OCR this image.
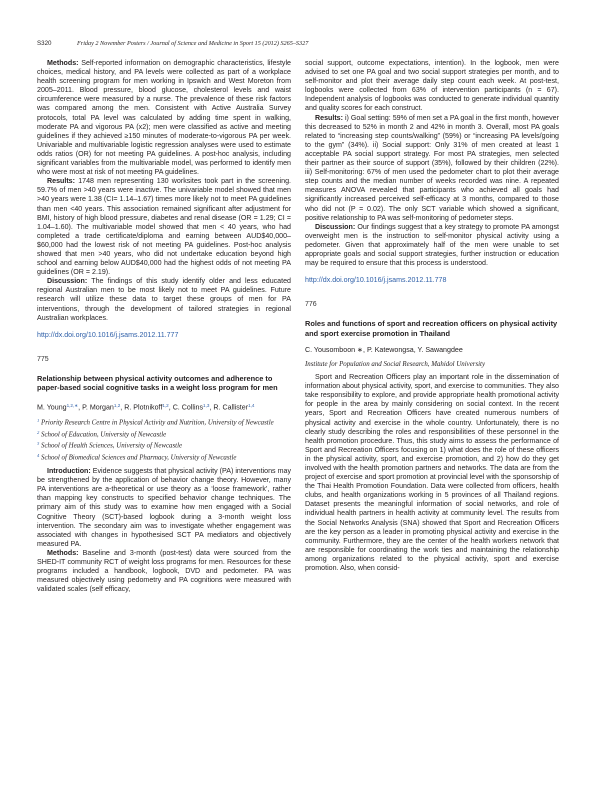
S320	Friday 2 November Posters / Journal of Science and Medicine in Sport 15 (2012) S265–S327

Methods: Self-reported information on demographic characteristics, lifestyle choices, medical history, and PA levels were collected as part of a workplace health screening program for men working in Ipswich and West Moreton from 2005–2011. Blood pressure, blood glucose, cholesterol levels and waist circumference were measured by a nurse. The prevalence of these risk factors was compared among the men. Consistent with Active Australia Survey protocols, total PA level was calculated by adding time spent in walking, moderate PA and vigorous PA (x2); men were classified as active and meeting guidelines if they achieved ≥150 minutes of moderate-to-vigorous PA per week. Univariable and multivariable logistic regression analyses were used to estimate odds ratios (OR) for not meeting PA guidelines. A post-hoc analysis, including significant variables from the multivariable model, was performed to identify men who were most at risk of not meeting PA guidelines.

Results: 1748 men representing 130 worksites took part in the screening. 59.7% of men >40 years were inactive. The univariable model showed that men >40 years were 1.38 (CI= 1.14–1.67) times more likely not to meet PA guidelines than men <40 years. This association remained significant after adjustment for BMI, history of high blood pressure, diabetes and renal disease (OR = 1.29; CI = 1.04–1.60). The multivariable model showed that men < 40 years, who had completed a trade certificate/diploma and earning between AUD$40,000–$60,000 had the lowest risk of not meeting PA guidelines. Post-hoc analysis showed that men >40 years, who did not undertake education beyond high school and earning below AUD$40,000 had the highest odds of not meeting PA guidelines (OR = 2.19).

Discussion: The findings of this study identify older and less educated regional Australian men to be most likely not to meet PA guidelines. Future research will utilize these data to target these groups of men for PA interventions, through the development of tailored strategies in regional Australian workplaces.

http://dx.doi.org/10.1016/j.jsams.2012.11.777
775
Relationship between physical activity outcomes and adherence to paper-based social cognitive tasks in a weight loss program for men
M. Young$^{1,2,∗}$, P. Morgan$^{1,2}$, R. Plotnikoff$^{1,2}$, C. Collins$^{1,3}$, R. Callister$^{1,4}$
$^1$ Priority Research Centre in Physical Activity and Nutrition, University of Newcastle
$^2$ School of Education, University of Newcastle
$^3$ School of Health Sciences, University of Newcastle
$^4$ School of Biomedical Sciences and Pharmacy, University of Newcastle

Introduction: Evidence suggests that physical activity (PA) interventions may be strengthened by the application of behavior change theory. However, many PA interventions are a-theoretical or use theory as a ‘loose framework’, rather than mapping key constructs to specified behavior change techniques. The primary aim of this study was to examine how men engaged with a Social Cognitive Theory (SCT)-based logbook during a 3-month weight loss intervention. The secondary aim was to investigate whether engagement was associated with changes in hypothesised SCT PA mediators and objectively measured PA.

Methods: Baseline and 3-month (post-test) data were sourced from the SHED-IT community RCT of weight loss programs for men. Resources for these programs included a handbook, logbook, DVD and pedometer. PA was measured objectively using pedometry and PA cognitions were measured with validated scales (self efficacy,

social support, outcome expectations, intention). In the logbook, men were advised to set one PA goal and two social support strategies per month, and to self-monitor and plot their average daily step count each week. At post-test, logbooks were collected from 63% of intervention participants (n = 67). Independent analysis of logbooks was conducted to generate individual quantity and quality scores for each construct.

Results: i) Goal setting: 59% of men set a PA goal in the first month, however this decreased to 52% in month 2 and 42% in month 3. Overall, most PA goals related to “increasing step counts/walking” (59%) or “increasing PA levels/going to the gym” (34%). ii) Social support: Only 31% of men created at least 1 acceptable PA social support strategy. For most PA strategies, men selected their partner as their source of support (35%), followed by their children (22%). iii) Self-monitoring: 67% of men used the pedometer chart to plot their average step counts and the median number of weeks recorded was nine. A repeated measures ANOVA revealed that participants who achieved all goals had significantly increased perceived self-efficacy at 3 months, compared to those who did not (P = 0.02). The only SCT variable which showed a significant, positive relationship to PA was self-monitoring of pedometer steps.

Discussion: Our findings suggest that a key strategy to promote PA amongst overweight men is the instruction to self-monitor physical activity using a pedometer. Given that approximately half of the men were unable to set appropriate goals and social support strategies, further instruction or education may be required to ensure that this process is understood.

http://dx.doi.org/10.1016/j.jsams.2012.11.778
776
Roles and functions of sport and recreation officers on physical activity and sport exercise promotion in Thailand
C. Yousomboon ∗, P. Katewongsa, Y. Sawangdee
Institute for Population and Social Research, Mahidol University

Sport and Recreation Officers play an important role in the dissemination of information about physical activity, sport, and exercise to communities. They also take responsibility to explore, and provide appropriate health promotional activity for people in the area by mainly considering on social context. In the recent years, Sport and Recreation Officers have created numerous numbers of physical activity and exercise in the whole country. Unfortunately, there is no clearly study describing the roles and responsibilities of these personnel in the health promotion procedure. Thus, this study aims to assess the performance of Sport and Recreation Officers focusing on 1) what does the role of these officers in the physical activity, sport, and exercise promotion, and 2) how do they get involved with the health promotion partners and networks. The data are from the project of exercise and sport promotion at provincial level with the sponsorship of the Thai Health Promotion Foundation. Data were collected from officers, health clubs, and health organizations working in 5 provinces of all Thailand regions. Dataset presents the meaningful information of social networks, and role of individual health partners in health activity at community level. The results from the Social Networks Analysis (SNA) showed that Sport and Recreation Officers are the key person as a leader in promoting physical activity and exercise in the community. Furthermore, they are the center of the health workers network that are responsible for coordinating the work ties and maintaining the relationship among organizations related to the physical activity, sport and exercise promotion. Also, when consid-
